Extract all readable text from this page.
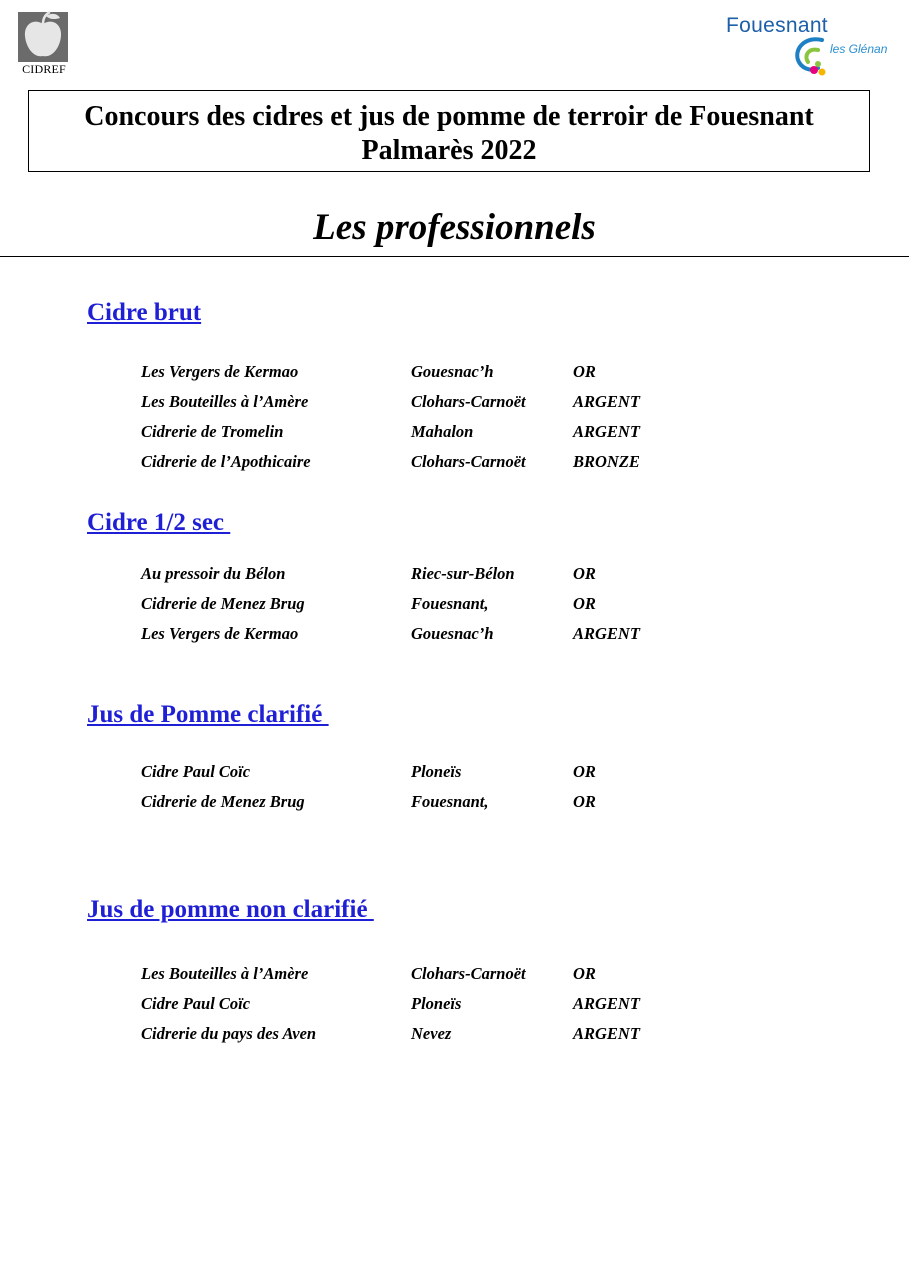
CIDREF
Fouesnant
les Glénan
Concours des cidres et jus de pomme de terroir de Fouesnant
Palmarès 2022
Les professionnels
Cidre brut
Les Vergers de Kermao	Gouesnac’h	OR
Les Bouteilles à l’Amère	Clohars-Carnoët	ARGENT
Cidrerie de Tromelin	Mahalon	ARGENT
Cidrerie de l’Apothicaire	Clohars-Carnoët	BRONZE
Cidre 1/2 sec
Au pressoir du Bélon	Riec-sur-Bélon	OR
Cidrerie de Menez Brug	Fouesnant,	OR
Les Vergers de Kermao	Gouesnac’h	ARGENT
Jus de Pomme clarifié
Cidre Paul Coïc	Ploneïs	OR
Cidrerie de Menez Brug	Fouesnant,	OR
Jus de pomme non clarifié
Les Bouteilles à l’Amère	Clohars-Carnoët	OR
Cidre Paul Coïc	Ploneïs	ARGENT
Cidrerie du pays des Aven	Nevez	ARGENT
